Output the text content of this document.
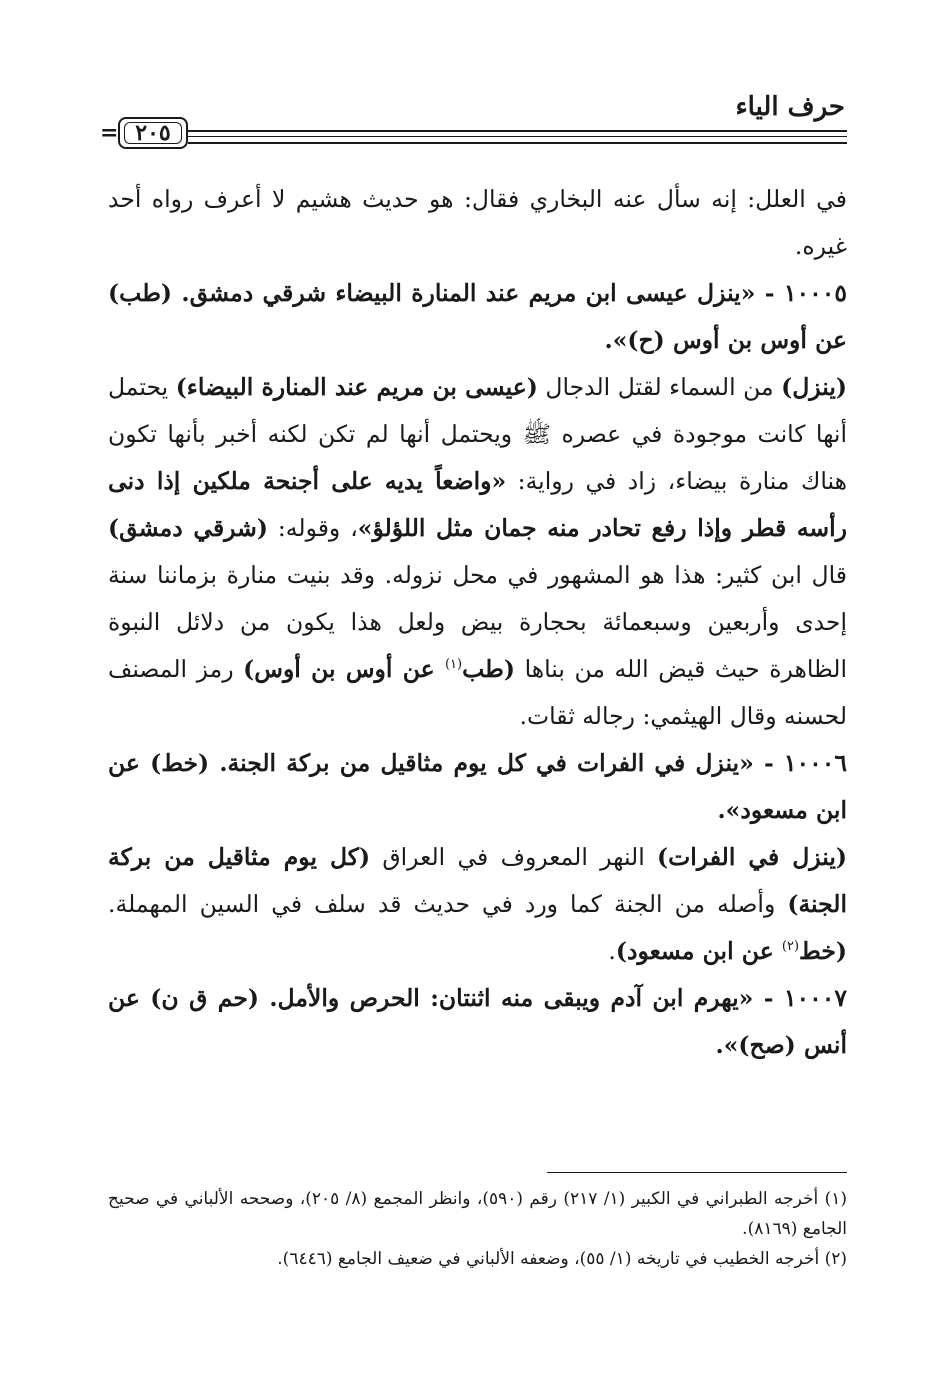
حرف الياء
٢٠٥
=

في العلل: إنه سأل عنه البخاري فقال: هو حديث هشيم لا أعرف رواه أحد غيره.

١٠٠٠٥ - «ينزل عيسى ابن مريم عند المنارة البيضاء شرقي دمشق. (طب) عن أوس بن أوس (ح)».

(ينزل) من السماء لقتل الدجال (عيسى بن مريم عند المنارة البيضاء) يحتمل أنها كانت موجودة في عصره ﷺ ويحتمل أنها لم تكن لكنه أخبر بأنها تكون هناك منارة بيضاء، زاد في رواية: «واضعاً يديه على أجنحة ملكين إذا دنى رأسه قطر وإذا رفع تحادر منه جمان مثل اللؤلؤ»، وقوله: (شرقي دمشق) قال ابن كثير: هذا هو المشهور في محل نزوله. وقد بنيت منارة بزماننا سنة إحدى وأربعين وسبعمائة بحجارة بيض ولعل هذا يكون من دلائل النبوة الظاهرة حيث قيض الله من بناها (طب$^{(١)}$ عن أوس بن أوس) رمز المصنف لحسنه وقال الهيثمي: رجاله ثقات.

١٠٠٠٦ - «ينزل في الفرات في كل يوم مثاقيل من بركة الجنة. (خط) عن ابن مسعود».

(ينزل في الفرات) النهر المعروف في العراق (كل يوم مثاقيل من بركة الجنة) وأصله من الجنة كما ورد في حديث قد سلف في السين المهملة. (خط$^{(٢)}$ عن ابن مسعود).

١٠٠٠٧ - «يهرم ابن آدم ويبقى منه اثنتان: الحرص والأمل. (حم ق ن) عن أنس (صح)».

(١) أخرجه الطبراني في الكبير (١/ ٢١٧) رقم (٥٩٠)، وانظر المجمع (٨/ ٢٠٥)، وصححه الألباني في صحيح الجامع (٨١٦٩).

(٢) أخرجه الخطيب في تاريخه (١/ ٥٥)، وضعفه الألباني في ضعيف الجامع (٦٤٤٦).
